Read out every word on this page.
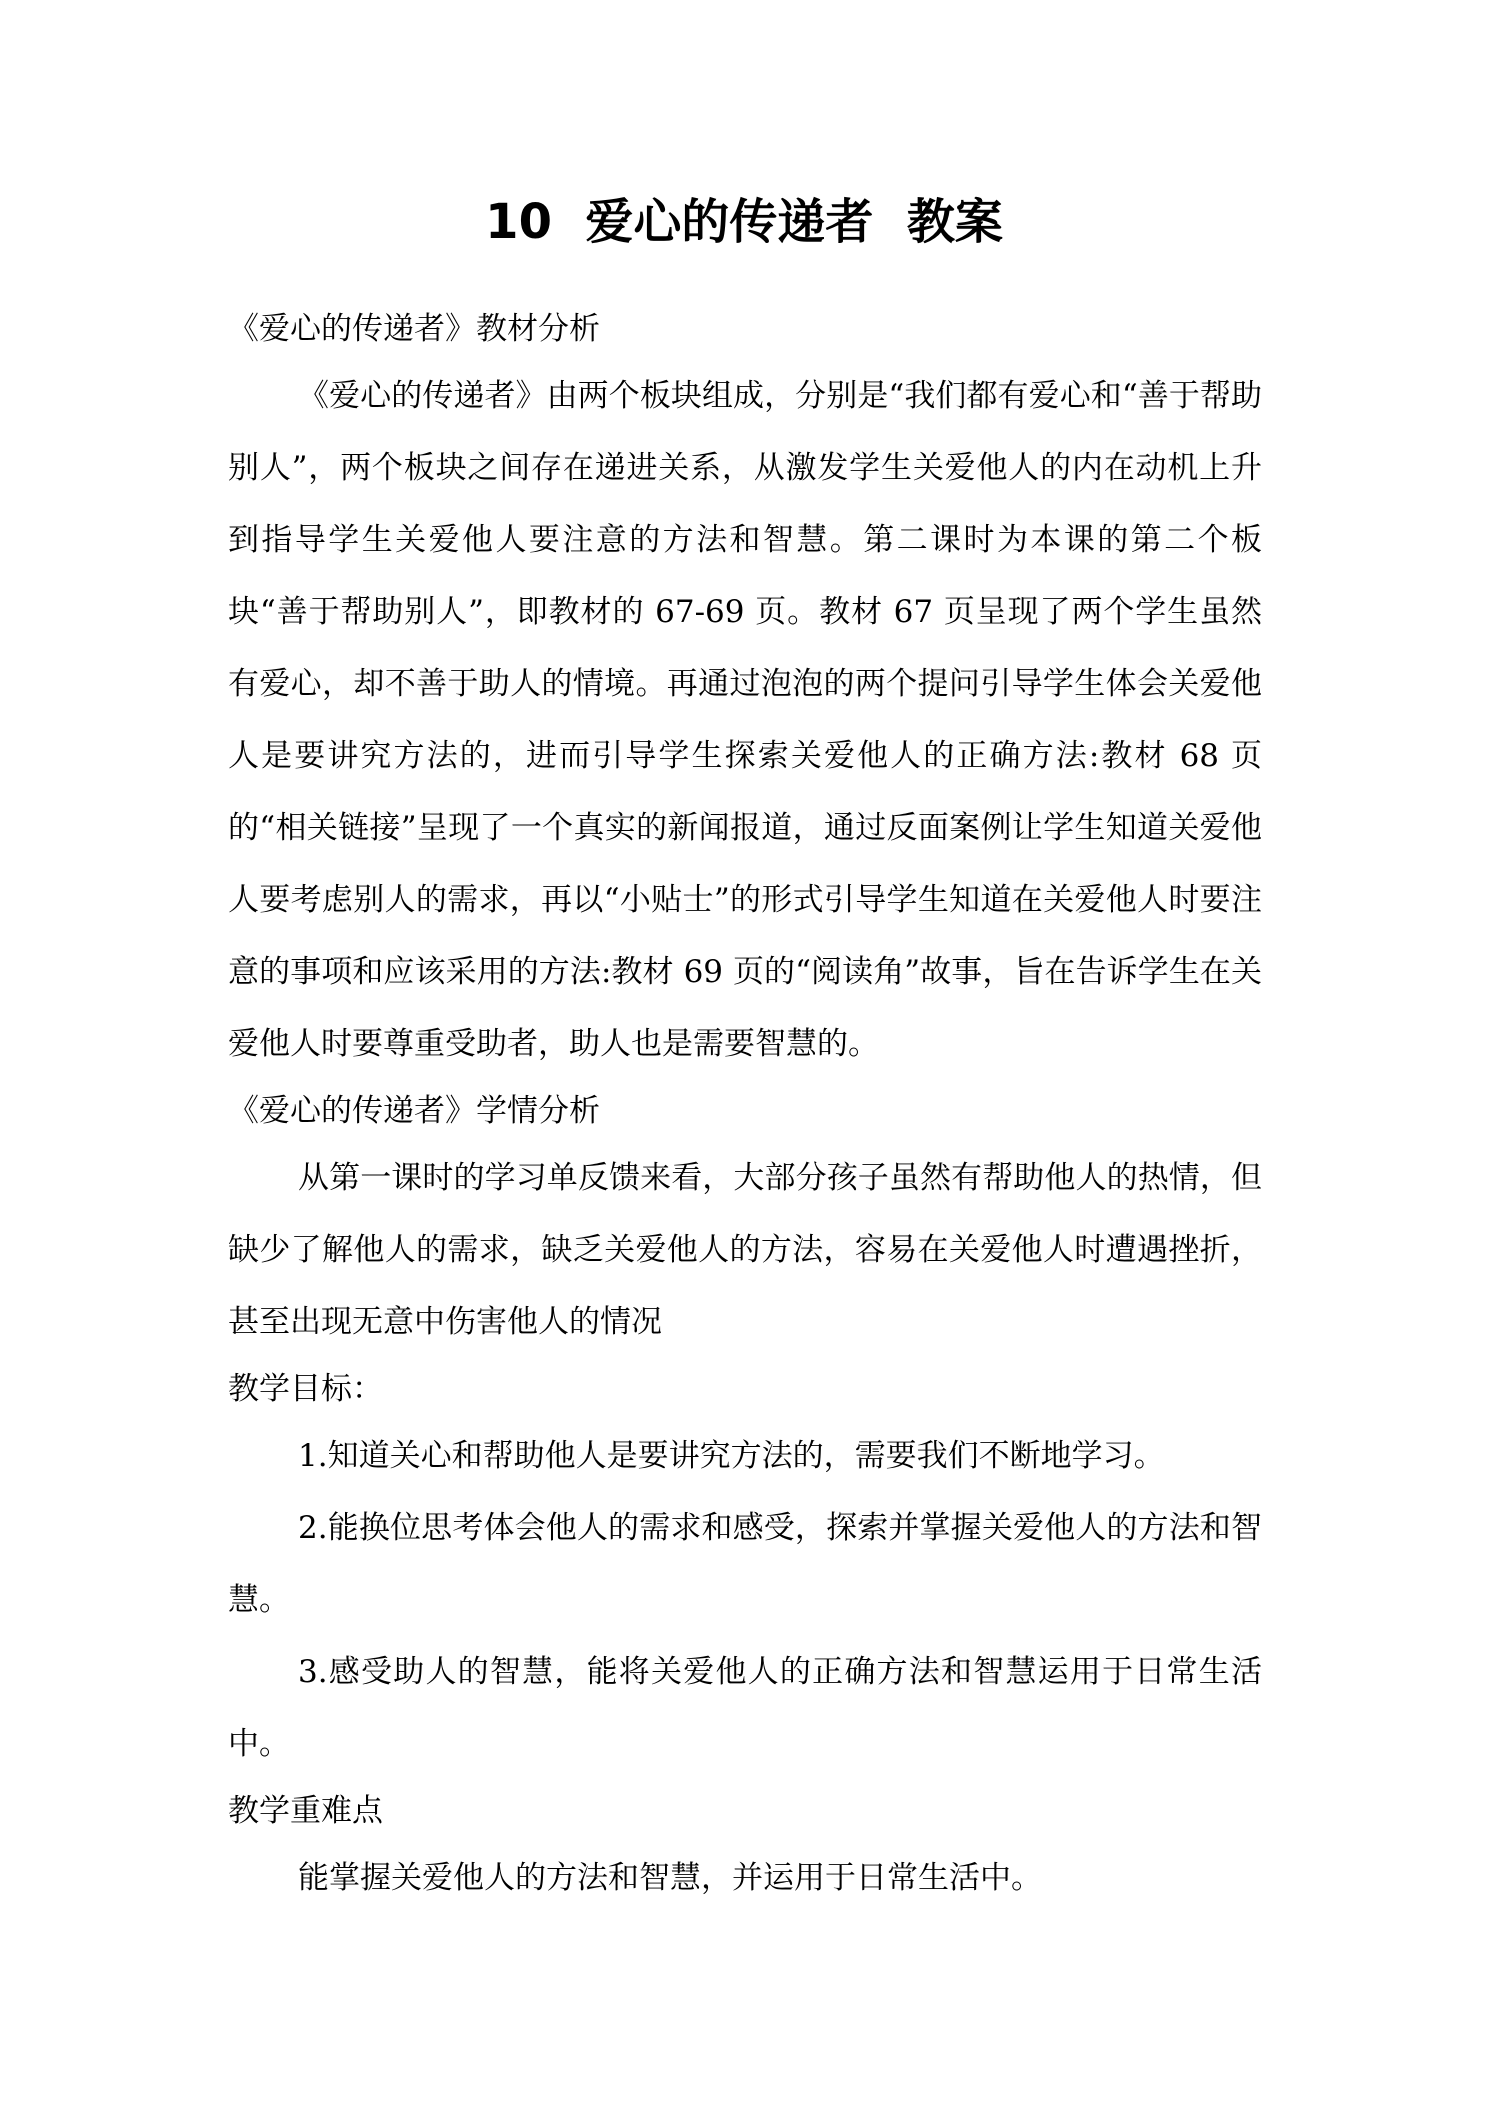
10  爱心的传递者  教案

《爱心的传递者》教材分析

《爱心的传递者》由两个板块组成，分别是“我们都有爱心和“善于帮助别人”，两个板块之间存在递进关系，从激发学生关爱他人的内在动机上升到指导学生关爱他人要注意的方法和智慧。第二课时为本课的第二个板块“善于帮助别人”，即教材的 67-69 页。教材 67 页呈现了两个学生虽然有爱心，却不善于助人的情境。再通过泡泡的两个提问引导学生体会关爱他人是要讲究方法的，进而引导学生探索关爱他人的正确方法:教材 68 页的“相关链接”呈现了一个真实的新闻报道，通过反面案例让学生知道关爱他人要考虑别人的需求，再以“小贴士”的形式引导学生知道在关爱他人时要注意的事项和应该采用的方法:教材 69 页的“阅读角”故事，旨在告诉学生在关爱他人时要尊重受助者，助人也是需要智慧的。

《爱心的传递者》学情分析

从第一课时的学习单反馈来看，大部分孩子虽然有帮助他人的热情，但缺少了解他人的需求，缺乏关爱他人的方法，容易在关爱他人时遭遇挫折，甚至出现无意中伤害他人的情况

教学目标：

1.知道关心和帮助他人是要讲究方法的，需要我们不断地学习。

2.能换位思考体会他人的需求和感受，探索并掌握关爱他人的方法和智慧。

3.感受助人的智慧，能将关爱他人的正确方法和智慧运用于日常生活中。

教学重难点

能掌握关爱他人的方法和智慧，并运用于日常生活中。
